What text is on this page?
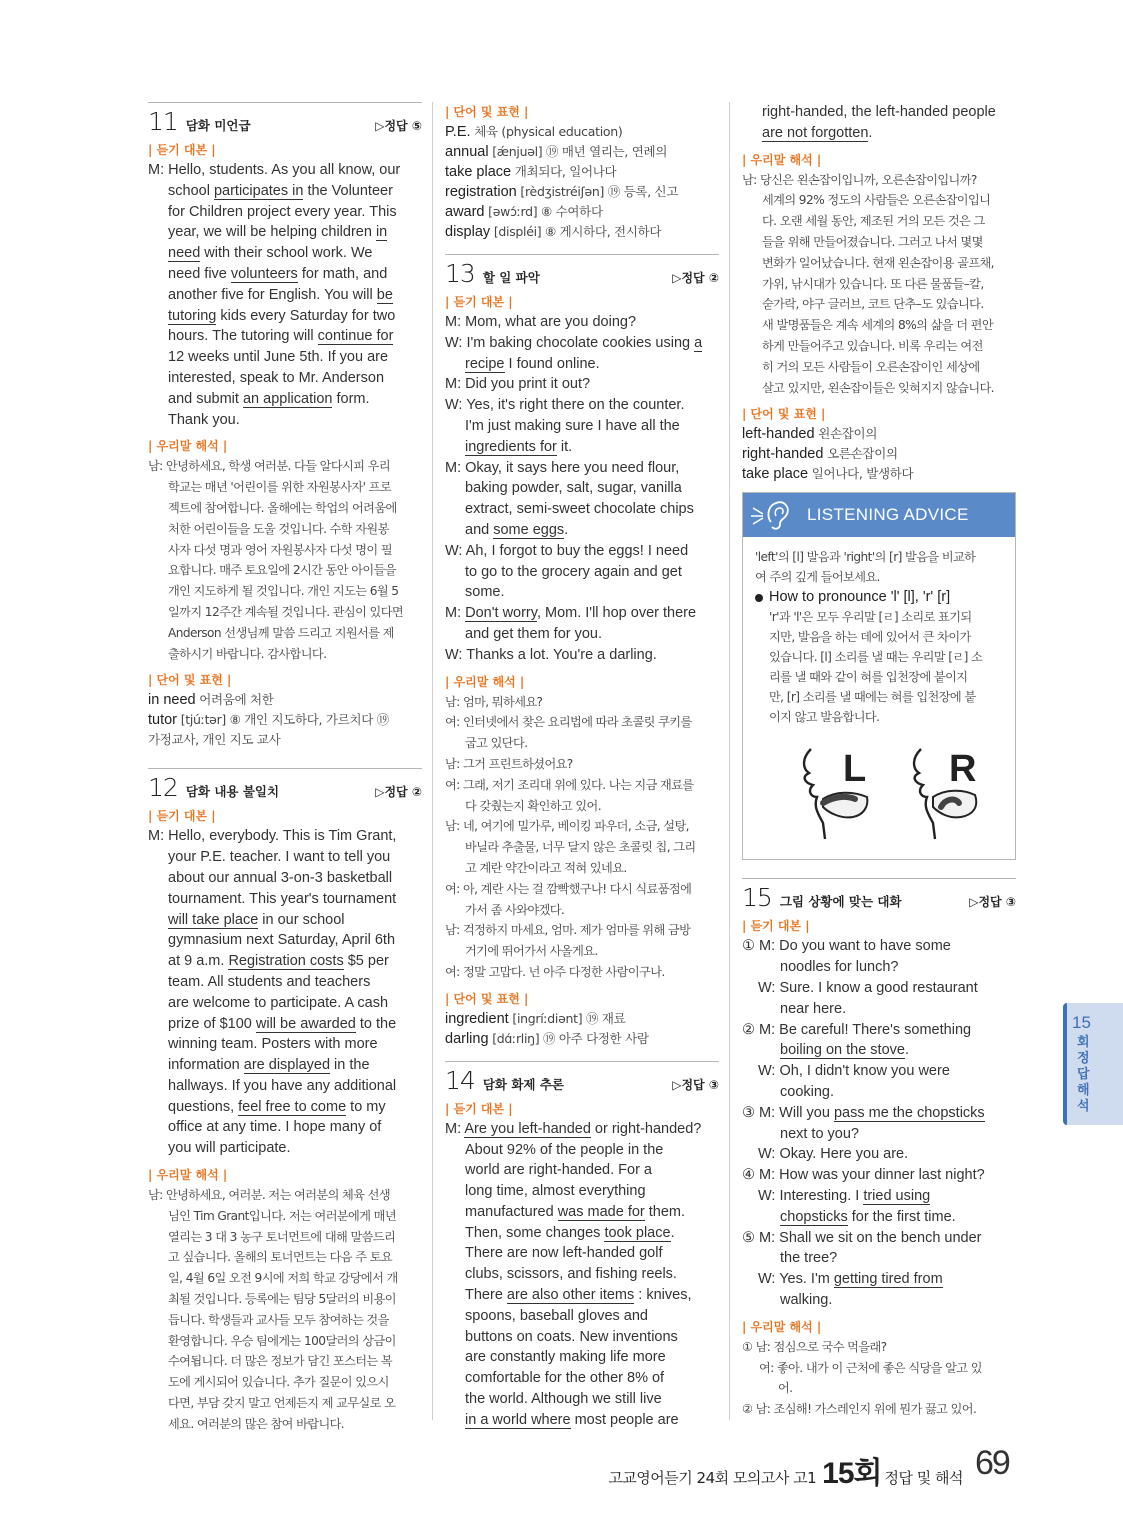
11 담화 미언급	▷정답 ⑤
| 듣기 대본 |
M: Hello, students. As you all know, our
school participates in the Volunteer
for Children project every year. This
year, we will be helping children in
need with their school work. We
need five volunteers for math, and
another five for English. You will be
tutoring kids every Saturday for two
hours. The tutoring will continue for
12 weeks until June 5th. If you are
interested, speak to Mr. Anderson
and submit an application form.
Thank you.
| 우리말 해석 |
남: 안녕하세요, 학생 여러분. 다들 알다시피 우리
학교는 매년 '어린이를 위한 자원봉사자' 프로
젝트에 참여합니다. 올해에는 학업의 어려움에
처한 어린이들을 도울 것입니다. 수학 자원봉
사자 다섯 명과 영어 자원봉사자 다섯 명이 필
요합니다. 매주 토요일에 2시간 동안 아이들을
개인 지도하게 될 것입니다. 개인 지도는 6월 5
일까지 12주간 계속될 것입니다. 관심이 있다면
Anderson 선생님께 말씀 드리고 지원서를 제
출하시기 바랍니다. 감사합니다.
| 단어 및 표현 |
in need 어려움에 처한
tutor [tjúːtər] ⑧ 개인 지도하다, 가르치다 ⑲
가정교사, 개인 지도 교사
12 담화 내용 불일치	▷정답 ②
| 듣기 대본 |
M: Hello, everybody. This is Tim Grant,
your P.E. teacher. I want to tell you
about our annual 3-on-3 basketball
tournament. This year's tournament
will take place in our school
gymnasium next Saturday, April 6th
at 9 a.m. Registration costs $5 per
team. All students and teachers
are welcome to participate. A cash
prize of $100 will be awarded to the
winning team. Posters with more
information are displayed in the
hallways. If you have any additional
questions, feel free to come to my
office at any time. I hope many of
you will participate.
| 우리말 해석 |
남: 안녕하세요, 여러분. 저는 여러분의 체육 선생
님인 Tim Grant입니다. 저는 여러분에게 매년
열리는 3 대 3 농구 토너먼트에 대해 말씀드리
고 싶습니다. 올해의 토너먼트는 다음 주 토요
일, 4월 6일 오전 9시에 저희 학교 강당에서 개
최될 것입니다. 등록에는 팀당 5달러의 비용이
듭니다. 학생들과 교사들 모두 참여하는 것을
환영합니다. 우승 팀에게는 100달러의 상금이
수여됩니다. 더 많은 정보가 담긴 포스터는 복
도에 게시되어 있습니다. 추가 질문이 있으시
다면, 부담 갖지 말고 언제든지 제 교무실로 오
세요. 여러분의 많은 참여 바랍니다.
| 단어 및 표현 |
P.E. 체육 (physical education)
annual [ǽnjuəl] ⑲ 매년 열리는, 연례의
take place 개최되다, 일어나다
registration [rèdʒistréiʃən] ⑲ 등록, 신고
award [əwɔ́ːrd] ⑧ 수여하다
display [displéi] ⑧ 게시하다, 전시하다
13 할 일 파악	▷정답 ②
| 듣기 대본 |
M: Mom, what are you doing?
W: I'm baking chocolate cookies using a
recipe I found online.
M: Did you print it out?
W: Yes, it's right there on the counter.
I'm just making sure I have all the
ingredients for it.
M: Okay, it says here you need flour,
baking powder, salt, sugar, vanilla
extract, semi-sweet chocolate chips
and some eggs.
W: Ah, I forgot to buy the eggs! I need
to go to the grocery again and get
some.
M: Don't worry, Mom. I'll hop over there
and get them for you.
W: Thanks a lot. You're a darling.
| 우리말 해석 |
남: 엄마, 뭐하세요?
여: 인터넷에서 찾은 요리법에 따라 초콜릿 쿠키를
굽고 있단다.
남: 그거 프린트하셨어요?
여: 그래, 저기 조리대 위에 있다. 나는 지금 재료를
다 갖췄는지 확인하고 있어.
남: 네, 여기에 밀가루, 베이킹 파우더, 소금, 설탕,
바닐라 추출물, 너무 달지 않은 초콜릿 칩, 그리
고 계란 약간이라고 적혀 있네요.
여: 아, 계란 사는 걸 깜빡했구나! 다시 식료품점에
가서 좀 사와야겠다.
남: 걱정하지 마세요, 엄마. 제가 엄마를 위해 금방
거기에 뛰어가서 사올게요.
여: 정말 고맙다. 넌 아주 다정한 사람이구나.
| 단어 및 표현 |
ingredient [ingríːdiənt] ⑲ 재료
darling [dɑ́ːrliŋ] ⑲ 아주 다정한 사람
14 담화 화제 추론	▷정답 ③
| 듣기 대본 |
M: Are you left-handed or right-handed?
About 92% of the people in the
world are right-handed. For a
long time, almost everything
manufactured was made for them.
Then, some changes took place.
There are now left-handed golf
clubs, scissors, and fishing reels.
There are also other items : knives,
spoons, baseball gloves and
buttons on coats. New inventions
are constantly making life more
comfortable for the other 8% of
the world. Although we still live
in a world where most people are
right-handed, the left-handed people
are not forgotten.
| 우리말 해석 |
남: 당신은 왼손잡이입니까, 오른손잡이입니까?
세계의 92% 정도의 사람들은 오른손잡이입니
다. 오랜 세월 동안, 제조된 거의 모든 것은 그
들을 위해 만들어졌습니다. 그러고 나서 몇몇
변화가 일어났습니다. 현재 왼손잡이용 골프채,
가위, 낚시대가 있습니다. 또 다른 물품들–칼,
숟가락, 야구 글러브, 코트 단추–도 있습니다.
새 발명품들은 계속 세계의 8%의 삶을 더 편안
하게 만들어주고 있습니다. 비록 우리는 여전
히 거의 모든 사람들이 오른손잡이인 세상에
살고 있지만, 왼손잡이들은 잊혀지지 않습니다.
| 단어 및 표현 |
left-handed 왼손잡이의
right-handed 오른손잡이의
take place 일어나다, 발생하다
LISTENING ADVICE
'left'의 [l] 발음과 'right'의 [r] 발음을 비교하
여 주의 깊게 들어보세요.
How to pronounce 'l' [l], 'r' [r]
'r'과 'l'은 모두 우리말 [ㄹ] 소리로 표기되
지만, 발음을 하는 데에 있어서 큰 차이가
있습니다. [l] 소리를 낼 때는 우리말 [ㄹ] 소
리를 낼 때와 같이 혀를 입천장에 붙이지
만, [r] 소리를 낼 때에는 혀를 입천장에 붙
이지 않고 발음합니다.
L R
15 그림 상황에 맞는 대화	▷정답 ③
| 듣기 대본 |
① M: Do you want to have some
noodles for lunch?
W: Sure. I know a good restaurant
near here.
② M: Be careful! There's something
boiling on the stove.
W: Oh, I didn't know you were
cooking.
③ M: Will you pass me the chopsticks
next to you?
W: Okay. Here you are.
④ M: How was your dinner last night?
W: Interesting. I tried using
chopsticks for the first time.
⑤ M: Shall we sit on the bench under
the tree?
W: Yes. I'm getting tired from
walking.
| 우리말 해석 |
① 남: 점심으로 국수 먹을래?
여: 좋아. 내가 이 근처에 좋은 식당을 알고 있
어.
② 남: 조심해! 가스레인지 위에 뭔가 끓고 있어.
15
회 정답해석
고교영어듣기 24회 모의고사 고1 15회 정답 및 해석 69
